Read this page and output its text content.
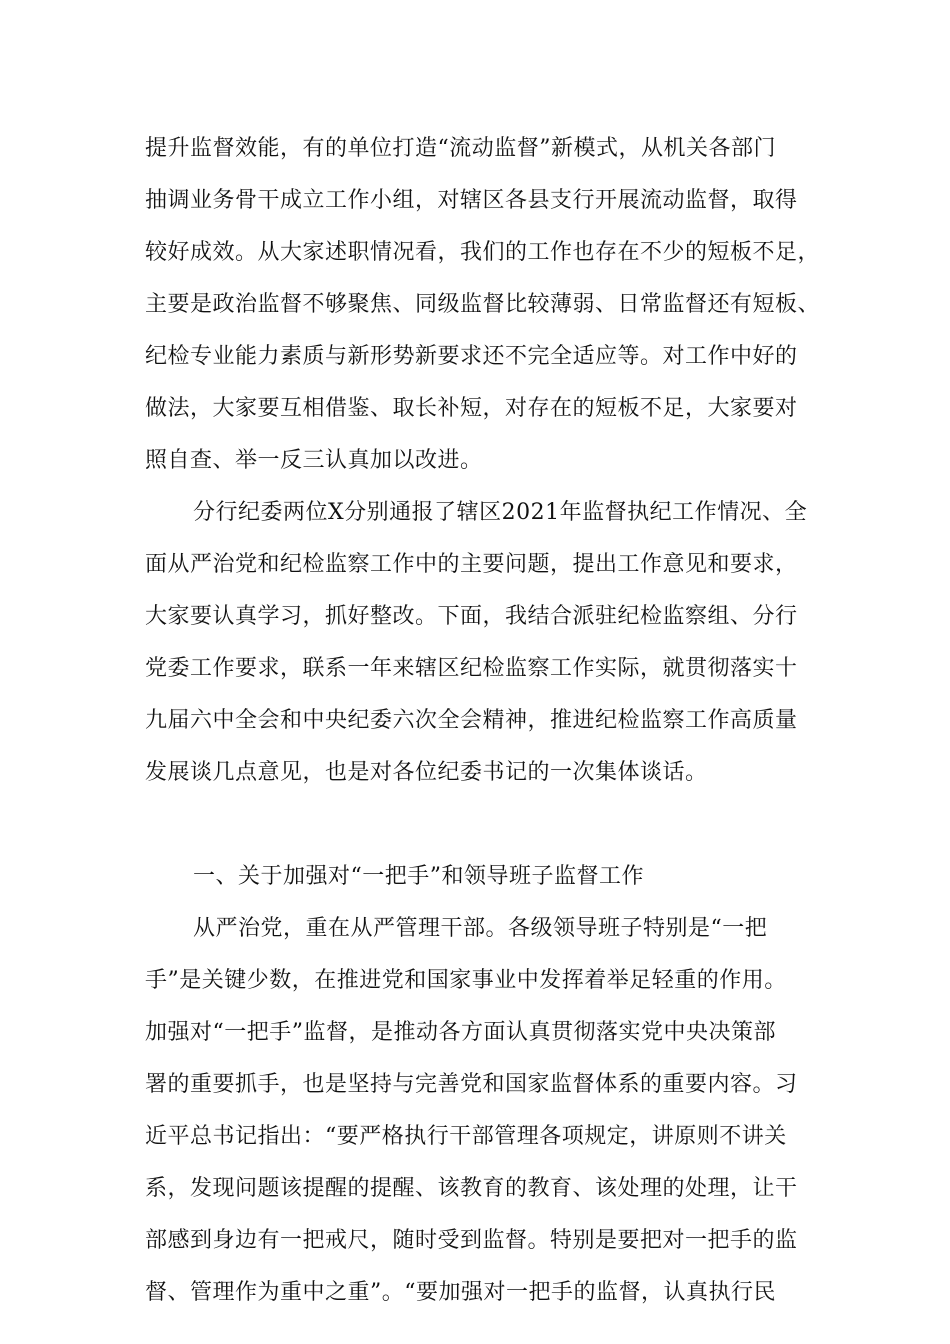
提升监督效能，有的单位打造“流动监督”新模式，从机关各部门
抽调业务骨干成立工作小组，对辖区各县支行开展流动监督，取得
较好成效。从大家述职情况看，我们的工作也存在不少的短板不足，
主要是政治监督不够聚焦、同级监督比较薄弱、日常监督还有短板、
纪检专业能力素质与新形势新要求还不完全适应等。对工作中好的
做法，大家要互相借鉴、取长补短，对存在的短板不足，大家要对
照自查、举一反三认真加以改进。
分行纪委两位X分别通报了辖区2021年监督执纪工作情况、全
面从严治党和纪检监察工作中的主要问题，提出工作意见和要求，
大家要认真学习，抓好整改。下面，我结合派驻纪检监察组、分行
党委工作要求，联系一年来辖区纪检监察工作实际，就贯彻落实十
九届六中全会和中央纪委六次全会精神，推进纪检监察工作高质量
发展谈几点意见，也是对各位纪委书记的一次集体谈话。
一、关于加强对“一把手”和领导班子监督工作
从严治党，重在从严管理干部。各级领导班子特别是“一把
手”是关键少数，在推进党和国家事业中发挥着举足轻重的作用。
加强对“一把手”监督，是推动各方面认真贯彻落实党中央决策部
署的重要抓手，也是坚持与完善党和国家监督体系的重要内容。习
近平总书记指出：“要严格执行干部管理各项规定，讲原则不讲关
系，发现问题该提醒的提醒、该教育的教育、该处理的处理，让干
部感到身边有一把戒尺，随时受到监督。特别是要把对一把手的监
督、管理作为重中之重”。“要加强对一把手的监督，认真执行民
